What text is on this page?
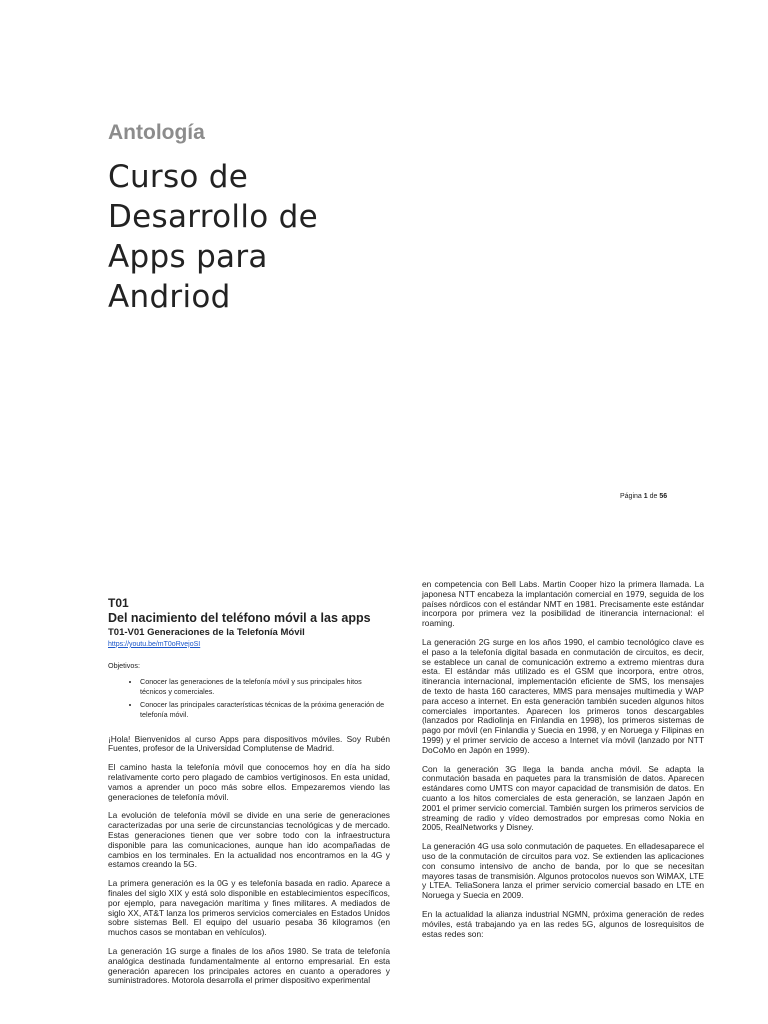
Antología
Curso de
Desarrollo de
Apps para
Andriod
Página 1 de 56
T01
Del nacimiento del teléfono móvil a las apps
T01-V01 Generaciones de la Telefonía Móvil
https://youtu.be/mT0oRvejoSI
Objetivos:
• Conocer las generaciones de la telefonía móvil y sus principales hitos técnicos y comerciales.
• Conocer las principales características técnicas de la próxima generación de telefonía móvil.

¡Hola! Bienvenidos al curso Apps para dispositivos móviles. Soy Rubén Fuentes, profesor de la Universidad Complutense de Madrid.

El camino hasta la telefonía móvil que conocemos hoy en día ha sido relativamente corto pero plagado de cambios vertiginosos. En esta unidad, vamos a aprender un poco más sobre ellos. Empezaremos viendo las generaciones de telefonía móvil.

La evolución de telefonía móvil se divide en una serie de generaciones caracterizadas por una serie de circunstancias tecnológicas y de mercado. Estas generaciones tienen que ver sobre todo con la infraestructura disponible para las comunicaciones, aunque han ido acompañadas de cambios en los terminales. En la actualidad nos encontramos en la 4G y estamos creando la 5G.

La primera generación es la 0G y es telefonía basada en radio. Aparece a finales del siglo XIX y está solo disponible en establecimientos específicos, por ejemplo, para navegación marítima y fines militares. A mediados de siglo XX, AT&T lanza los primeros servicios comerciales en Estados Unidos sobre sistemas Bell. El equipo del usuario pesaba 36 kilogramos (en muchos casos se montaban en vehículos).

La generación 1G surge a finales de los años 1980. Se trata de telefonía analógica destinada fundamentalmente al entorno empresarial. En esta generación aparecen los principales actores en cuanto a operadores y suministradores. Motorola desarrolla el primer dispositivo experimental

en competencia con Bell Labs. Martin Cooper hizo la primera llamada. La japonesa NTT encabeza la implantación comercial en 1979, seguida de los países nórdicos con el estándar NMT en 1981. Precisamente este estándar incorpora por primera vez la posibilidad de itinerancia internacional: el roaming.

La generación 2G surge en los años 1990, el cambio tecnológico clave es el paso a la telefonía digital basada en conmutación de circuitos, es decir, se establece un canal de comunicación extremo a extremo mientras dura esta. El estándar más utilizado es el GSM que incorpora, entre otros, itinerancia internacional, implementación eficiente de SMS, los mensajes de texto de hasta 160 caracteres, MMS para mensajes multimedia y WAP para acceso a internet. En esta generación también suceden algunos hitos comerciales importantes. Aparecen los primeros tonos descargables (lanzados por Radiolinja en Finlandia en 1998), los primeros sistemas de pago por móvil (en Finlandia y Suecia en 1998, y en Noruega y Filipinas en 1999) y el primer servicio de acceso a Internet vía móvil (lanzado por NTT DoCoMo en Japón en 1999).

Con la generación 3G llega la banda ancha móvil. Se adapta la conmutación basada en paquetes para la transmisión de datos. Aparecen estándares como UMTS con mayor capacidad de transmisión de datos. En cuanto a los hitos comerciales de esta generación, se lanzaen Japón en 2001 el primer servicio comercial. También surgen los primeros servicios de streaming de radio y vídeo demostrados por empresas como Nokia en 2005, RealNetworks y Disney.

La generación 4G usa solo conmutación de paquetes. En elladesaparece el uso de la conmutación de circuitos para voz. Se extienden las aplicaciones con consumo intensivo de ancho de banda, por lo que se necesitan mayores tasas de transmisión. Algunos protocolos nuevos son WiMAX, LTE y LTEA. TeliaSonera lanza el primer servicio comercial basado en LTE en Noruega y Suecia en 2009.

En la actualidad la alianza industrial NGMN, próxima generación de redes móviles, está trabajando ya en las redes 5G, algunos de losrequisitos de estas redes son:
